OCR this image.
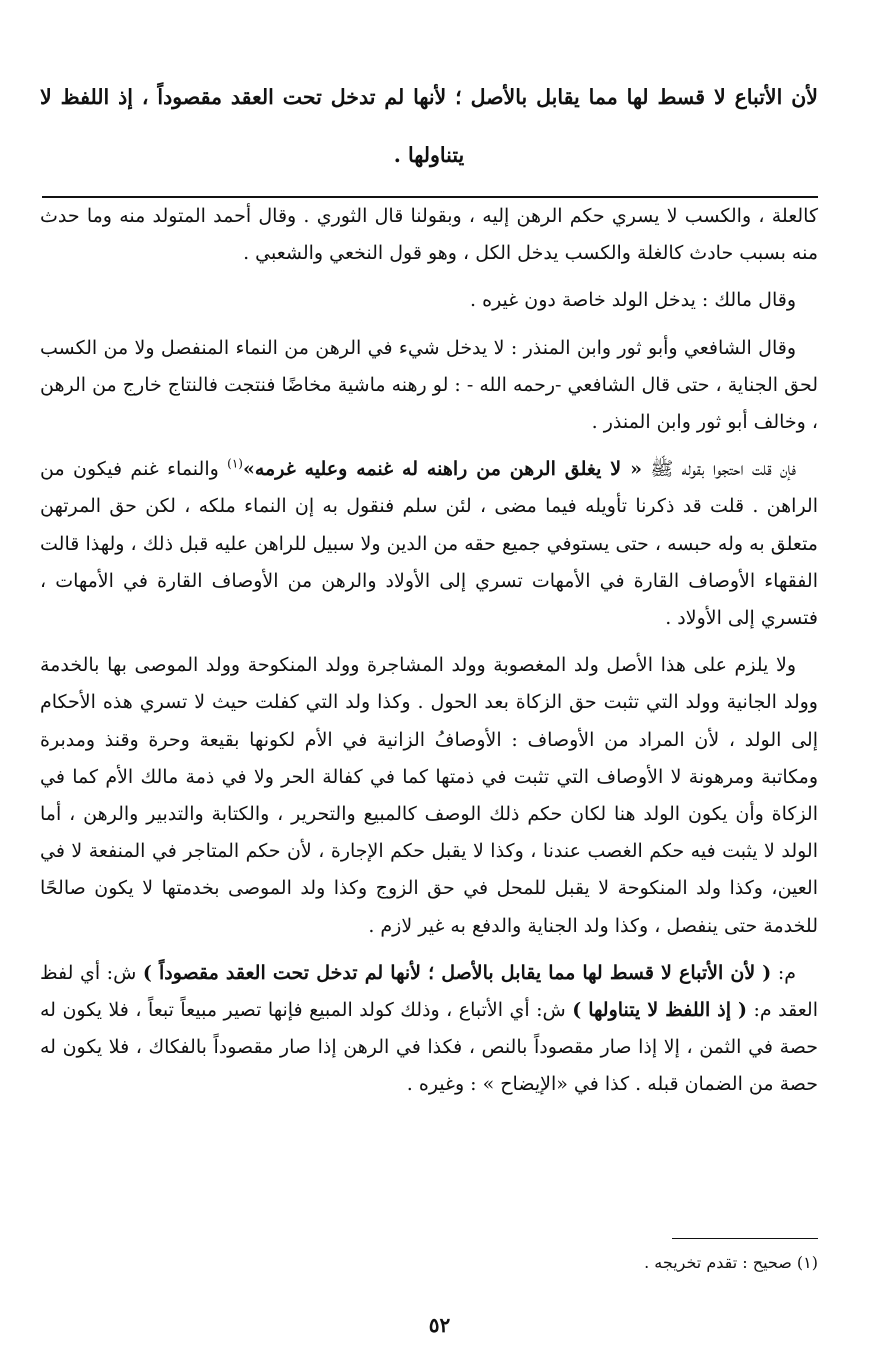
لأن الأتباع لا قسط لها مما يقابل بالأصل ؛ لأنها لم تدخل تحت العقد مقصوداً ، إذ اللفظ لا يتناولها .

كالعلة ، والكسب لا يسري حكم الرهن إليه ، وبقولنا قال الثوري . وقال أحمد المتولد منه وما حدث منه بسبب حادث كالغلة والكسب يدخل الكل ، وهو قول النخعي والشعبي .

وقال مالك : يدخل الولد خاصة دون غيره .

وقال الشافعي وأبو ثور وابن المنذر : لا يدخل شيء في الرهن من النماء المنفصل ولا من الكسب لحق الجناية ، حتى قال الشافعي -رحمه الله - : لو رهنه ماشية مخاضًا فنتجت فالنتاج خارج من الرهن ، وخالف أبو ثور وابن المنذر .

فإن قلت احتجوا بقوله ﷺ « لا يغلق الرهن من راهنه له غنمه وعليه غرمه»$^{(١)}$ والنماء غنم فيكون من الراهن . قلت قد ذكرنا تأويله فيما مضى ، لئن سلم فنقول به إن النماء ملكه ، لكن حق المرتهن متعلق به وله حبسه ، حتى يستوفي جميع حقه من الدين ولا سبيل للراهن عليه قبل ذلك ، ولهذا قالت الفقهاء الأوصاف القارة في الأمهات تسري إلى الأولاد والرهن من الأوصاف القارة في الأمهات ، فتسري إلى الأولاد .

ولا يلزم على هذا الأصل ولد المغصوبة وولد المشاجرة وولد المنكوحة وولد الموصى بها بالخدمة وولد الجانية وولد التي تثبت حق الزكاة بعد الحول . وكذا ولد التي كفلت حيث لا تسري هذه الأحكام إلى الولد ، لأن المراد من الأوصاف : الأوصافُ الزانية في الأم لكونها بقيعة وحرة وقنذ ومدبرة ومكاتبة ومرهونة لا الأوصاف التي تثبت في ذمتها كما في كفالة الحر ولا في ذمة مالك الأم كما في الزكاة وأن يكون الولد هنا لكان حكم ذلك الوصف كالمبيع والتحرير ، والكتابة والتدبير والرهن ، أما الولد لا يثبت فيه حكم الغصب عندنا ، وكذا لا يقبل حكم الإجارة ، لأن حكم المتاجر في المنفعة لا في العين، وكذا ولد المنكوحة لا يقبل للمحل في حق الزوج وكذا ولد الموصى بخدمتها لا يكون صالحًا للخدمة حتى ينفصل ، وكذا ولد الجناية والدفع به غير لازم .

م: ( لأن الأتباع لا قسط لها مما يقابل بالأصل ؛ لأنها لم تدخل تحت العقد مقصوداً ) ش: أي لفظ العقد م: ( إذ اللفظ لا يتناولها ) ش: أي الأتباع ، وذلك كولد المبيع فإنها تصير مبيعاً تبعاً ، فلا يكون له حصة في الثمن ، إلا إذا صار مقصوداً بالنص ، فكذا في الرهن إذا صار مقصوداً بالفكاك ، فلا يكون له حصة من الضمان قبله . كذا في «الإيضاح » : وغيره .

(١) صحيح : تقدم تخريجه .
٥٢
